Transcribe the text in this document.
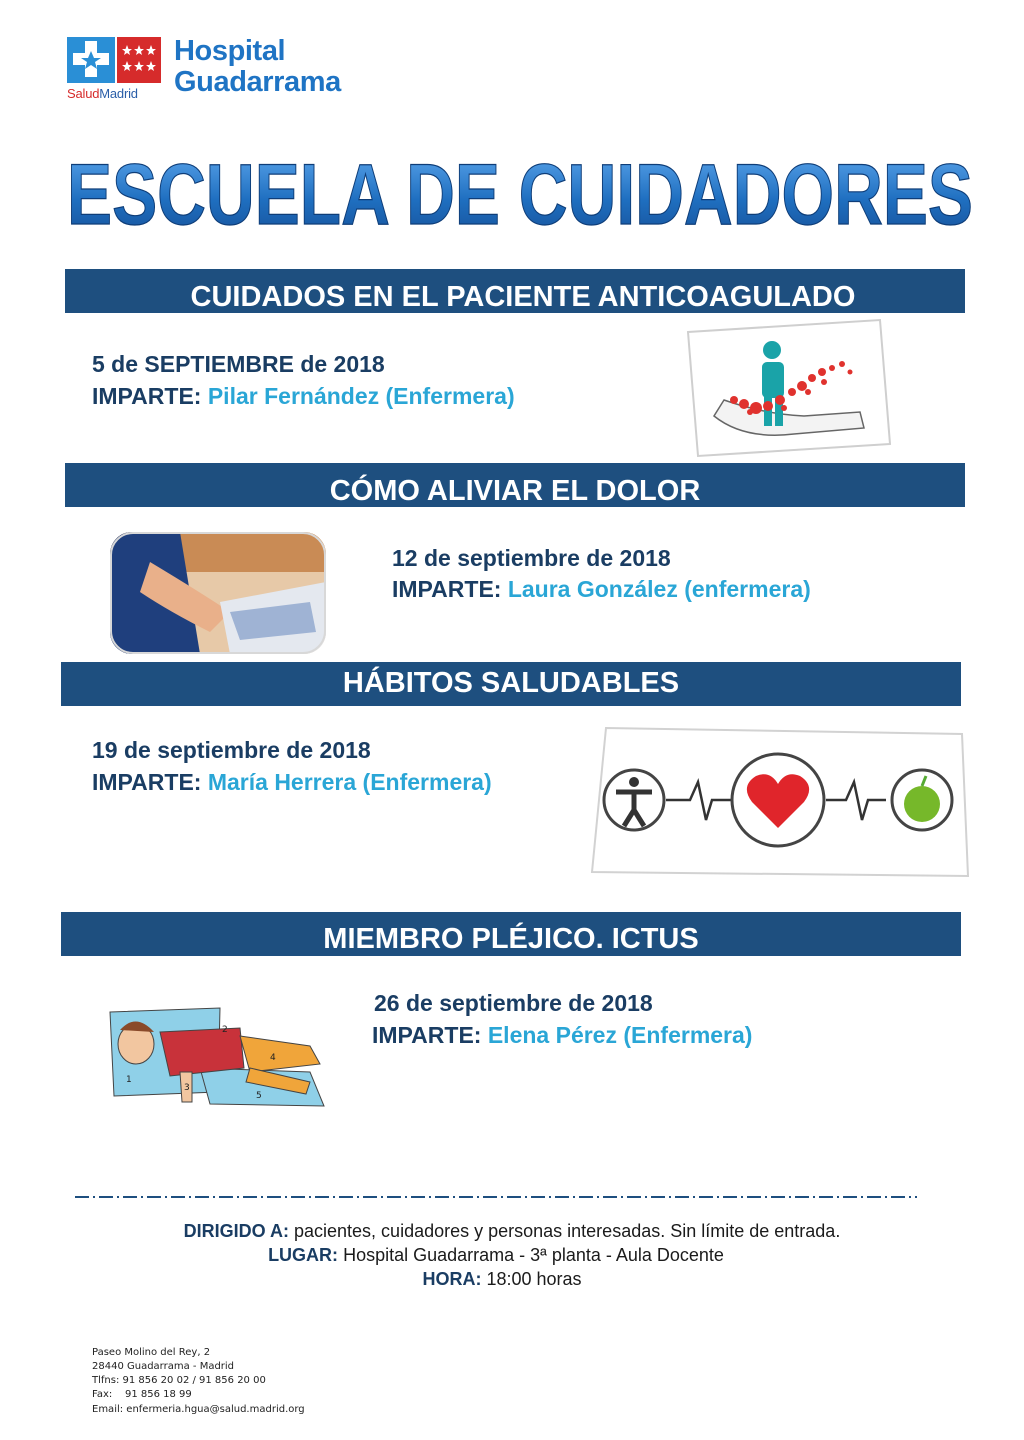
SaludMadrid
Hospital
Guadarrama
ESCUELA DE CUIDADORES
CUIDADOS EN EL PACIENTE ANTICOAGULADO
5 de SEPTIEMBRE de 2018
IMPARTE: Pilar Fernández (Enfermera)
CÓMO ALIVIAR EL DOLOR
12 de septiembre de 2018
IMPARTE: Laura González (enfermera)
HÁBITOS SALUDABLES
19 de septiembre de 2018
IMPARTE: María Herrera (Enfermera)
MIEMBRO PLÉJICO. ICTUS
2
4
3
1
5
26 de septiembre de 2018
IMPARTE: Elena Pérez (Enfermera)
DIRIGIDO A: pacientes, cuidadores y personas interesadas. Sin límite de entrada.
LUGAR: Hospital Guadarrama - 3ª planta - Aula Docente
HORA: 18:00 horas
Paseo Molino del Rey, 2
28440 Guadarrama - Madrid
Tlfns: 91 856 20 02 / 91 856 20 00
Fax:    91 856 18 99
Email: enfermeria.hgua@salud.madrid.org
